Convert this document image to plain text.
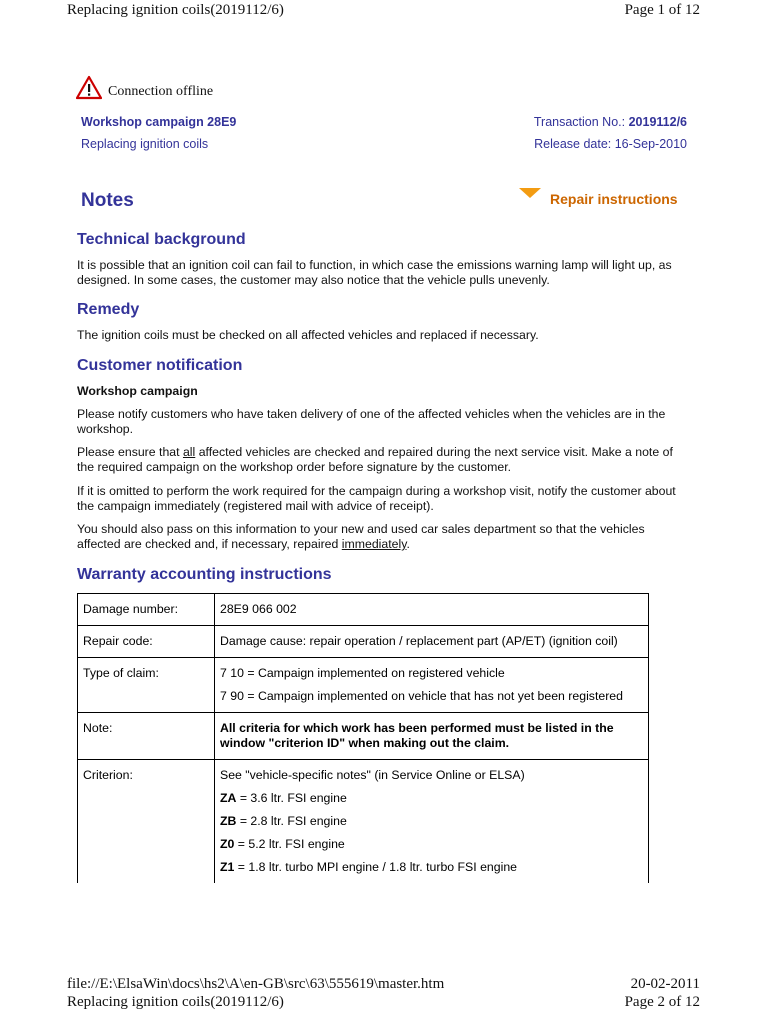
Replacing ignition coils(2019112/6)	Page 1 of 12
Connection offline
Workshop campaign 28E9
Replacing ignition coils
Transaction No.: 2019112/6
Release date: 16-Sep-2010
Notes	Repair instructions
Technical background
It is possible that an ignition coil can fail to function, in which case the emissions warning lamp will light up, as designed. In some cases, the customer may also notice that the vehicle pulls unevenly.
Remedy
The ignition coils must be checked on all affected vehicles and replaced if necessary.
Customer notification
Workshop campaign
Please notify customers who have taken delivery of one of the affected vehicles when the vehicles are in the workshop.
Please ensure that all affected vehicles are checked and repaired during the next service visit. Make a note of the required campaign on the workshop order before signature by the customer.
If it is omitted to perform the work required for the campaign during a workshop visit, notify the customer about the campaign immediately (registered mail with advice of receipt).
You should also pass on this information to your new and used car sales department so that the vehicles affected are checked and, if necessary, repaired immediately.
Warranty accounting instructions
Damage number:	28E9 066 002
Repair code:	Damage cause: repair operation / replacement part (AP/ET) (ignition coil)
Type of claim:	7 10 = Campaign implemented on registered vehicle

7 90 = Campaign implemented on vehicle that has not yet been registered

Note:	All criteria for which work has been performed must be listed in the window "criterion ID" when making out the claim.
Criterion:	See "vehicle-specific notes" (in Service Online or ELSA)

ZA = 3.6 ltr. FSI engine

ZB = 2.8 ltr. FSI engine

Z0 = 5.2 ltr. FSI engine

Z1 = 1.8 ltr. turbo MPI engine / 1.8 ltr. turbo FSI engine

file://E:\ElsaWin\docs\hs2\A\en-GB\src\63\555619\master.htm	20-02-2011
Replacing ignition coils(2019112/6)	Page 2 of 12
